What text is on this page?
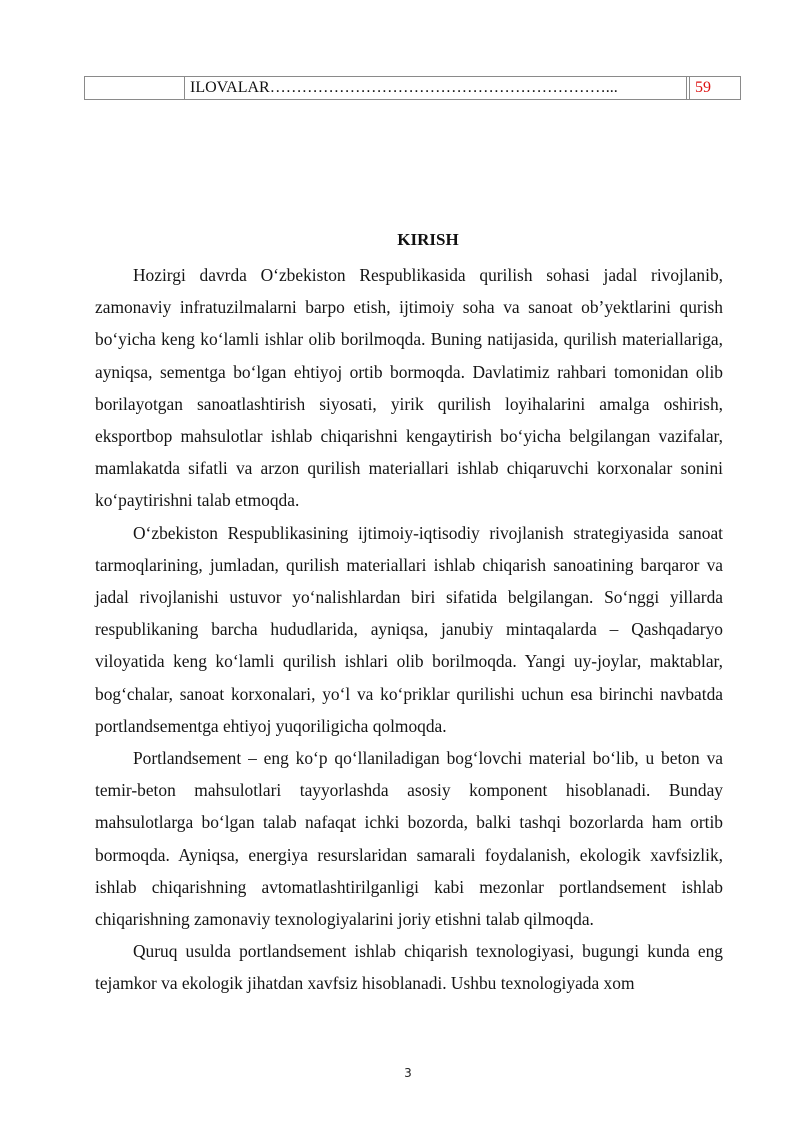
ILOVALAR………………………………………………………...	59
KIRISH

Hozirgi davrda O‘zbekiston Respublikasida qurilish sohasi jadal rivojlanib, zamonaviy infratuzilmalarni barpo etish, ijtimoiy soha va sanoat ob’yektlarini qurish bo‘yicha keng ko‘lamli ishlar olib borilmoqda. Buning natijasida, qurilish materiallariga, ayniqsa, sementga bo‘lgan ehtiyoj ortib bormoqda. Davlatimiz rahbari tomonidan olib borilayotgan sanoatlashtirish siyosati, yirik qurilish loyihalarini amalga oshirish, eksportbop mahsulotlar ishlab chiqarishni kengaytirish bo‘yicha belgilangan vazifalar, mamlakatda sifatli va arzon qurilish materiallari ishlab chiqaruvchi korxonalar sonini ko‘paytirishni talab etmoqda.

O‘zbekiston Respublikasining ijtimoiy-iqtisodiy rivojlanish strategiyasida sanoat tarmoqlarining, jumladan, qurilish materiallari ishlab chiqarish sanoatining barqaror va jadal rivojlanishi ustuvor yo‘nalishlardan biri sifatida belgilangan. So‘nggi yillarda respublikaning barcha hududlarida, ayniqsa, janubiy mintaqalarda – Qashqadaryo viloyatida keng ko‘lamli qurilish ishlari olib borilmoqda. Yangi uy-joylar, maktablar, bog‘chalar, sanoat korxonalari, yo‘l va ko‘priklar qurilishi uchun esa birinchi navbatda portlandsementga ehtiyoj yuqoriligicha qolmoqda.

Portlandsement – eng ko‘p qo‘llaniladigan bog‘lovchi material bo‘lib, u beton va temir-beton mahsulotlari tayyorlashda asosiy komponent hisoblanadi. Bunday mahsulotlarga bo‘lgan talab nafaqat ichki bozorda, balki tashqi bozorlarda ham ortib bormoqda. Ayniqsa, energiya resurslaridan samarali foydalanish, ekologik xavfsizlik, ishlab chiqarishning avtomatlashtirilganligi kabi mezonlar portlandsement ishlab chiqarishning zamonaviy texnologiyalarini joriy etishni talab qilmoqda.

Quruq usulda portlandsement ishlab chiqarish texnologiyasi, bugungi kunda eng tejamkor va ekologik jihatdan xavfsiz hisoblanadi. Ushbu texnologiyada xom

3
